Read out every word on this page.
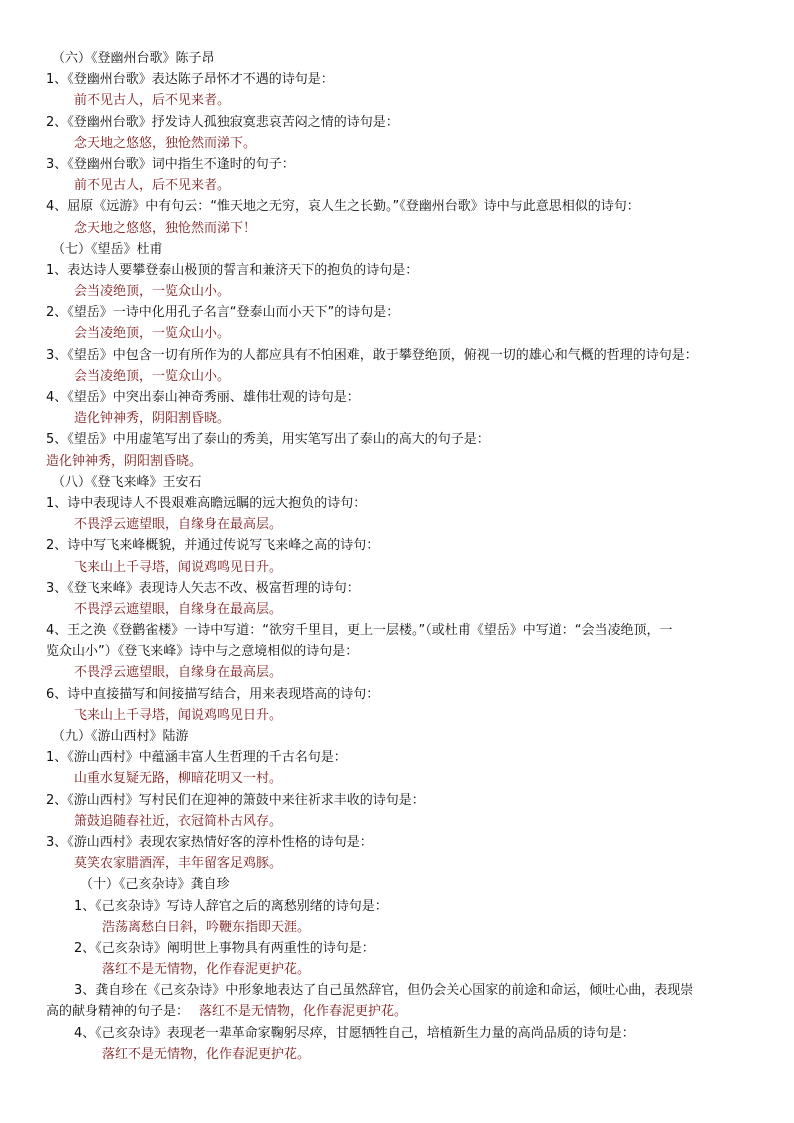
（六）《登幽州台歌》陈子昂
1、《登幽州台歌》表达陈子昂怀才不遇的诗句是：
前不见古人，后不见来者。
2、《登幽州台歌》抒发诗人孤独寂寞悲哀苦闷之情的诗句是：
念天地之悠悠，独怆然而涕下。
3、《登幽州台歌》词中指生不逢时的句子：
前不见古人，后不见来者。
4、屈原《远游》中有句云：“惟天地之无穷，哀人生之长勤。”《登幽州台歌》诗中与此意思相似的诗句：
念天地之悠悠，独怆然而涕下！
（七）《望岳》杜甫
1、表达诗人要攀登泰山极顶的誓言和兼济天下的抱负的诗句是：
会当凌绝顶，一览众山小。
2、《望岳》一诗中化用孔子名言“登泰山而小天下”的诗句是：
会当凌绝顶，一览众山小。
3、《望岳》中包含一切有所作为的人都应具有不怕困难，敢于攀登绝顶，俯视一切的雄心和气概的哲理的诗句是：
会当凌绝顶，一览众山小。
4、《望岳》中突出泰山神奇秀丽、雄伟壮观的诗句是：
造化钟神秀，阴阳割昏晓。
5、《望岳》中用虚笔写出了泰山的秀美，用实笔写出了泰山的高大的句子是：
造化钟神秀，阴阳割昏晓。
（八）《登飞来峰》王安石
1、诗中表现诗人不畏艰难高瞻远瞩的远大抱负的诗句：
不畏浮云遮望眼，自缘身在最高层。
2、诗中写飞来峰概貌，并通过传说写飞来峰之高的诗句：
飞来山上千寻塔，闻说鸡鸣见日升。
3、《登飞来峰》表现诗人矢志不改、极富哲理的诗句：
不畏浮云遮望眼，自缘身在最高层。
4、王之涣《登鹳雀楼》一诗中写道：“欲穷千里目，更上一层楼。”（或杜甫《望岳》中写道：“会当凌绝顶，一
览众山小”）《登飞来峰》诗中与之意境相似的诗句是：
不畏浮云遮望眼，自缘身在最高层。
6、诗中直接描写和间接描写结合，用来表现塔高的诗句：
飞来山上千寻塔，闻说鸡鸣见日升。
（九）《游山西村》陆游
1、《游山西村》中蕴涵丰富人生哲理的千古名句是：
山重水复疑无路，柳暗花明又一村。
2、《游山西村》写村民们在迎神的箫鼓中来往祈求丰收的诗句是：
箫鼓追随春社近，衣冠简朴古风存。
3、《游山西村》表现农家热情好客的淳朴性格的诗句是：
莫笑农家腊酒浑，丰年留客足鸡豚。
（十）《己亥杂诗》龚自珍
1、《己亥杂诗》写诗人辞官之后的离愁别绪的诗句是：
浩荡离愁白日斜，吟鞭东指即天涯。
2、《己亥杂诗》阐明世上事物具有两重性的诗句是：
落红不是无情物，化作春泥更护花。
3、龚自珍在《己亥杂诗》中形象地表达了自己虽然辞官，但仍会关心国家的前途和命运，倾吐心曲，表现崇
高的献身精神的句子是： 落红不是无情物，化作春泥更护花。
4、《己亥杂诗》表现老一辈革命家鞠躬尽瘁，甘愿牺牲自己，培植新生力量的高尚品质的诗句是：
落红不是无情物，化作春泥更护花。
